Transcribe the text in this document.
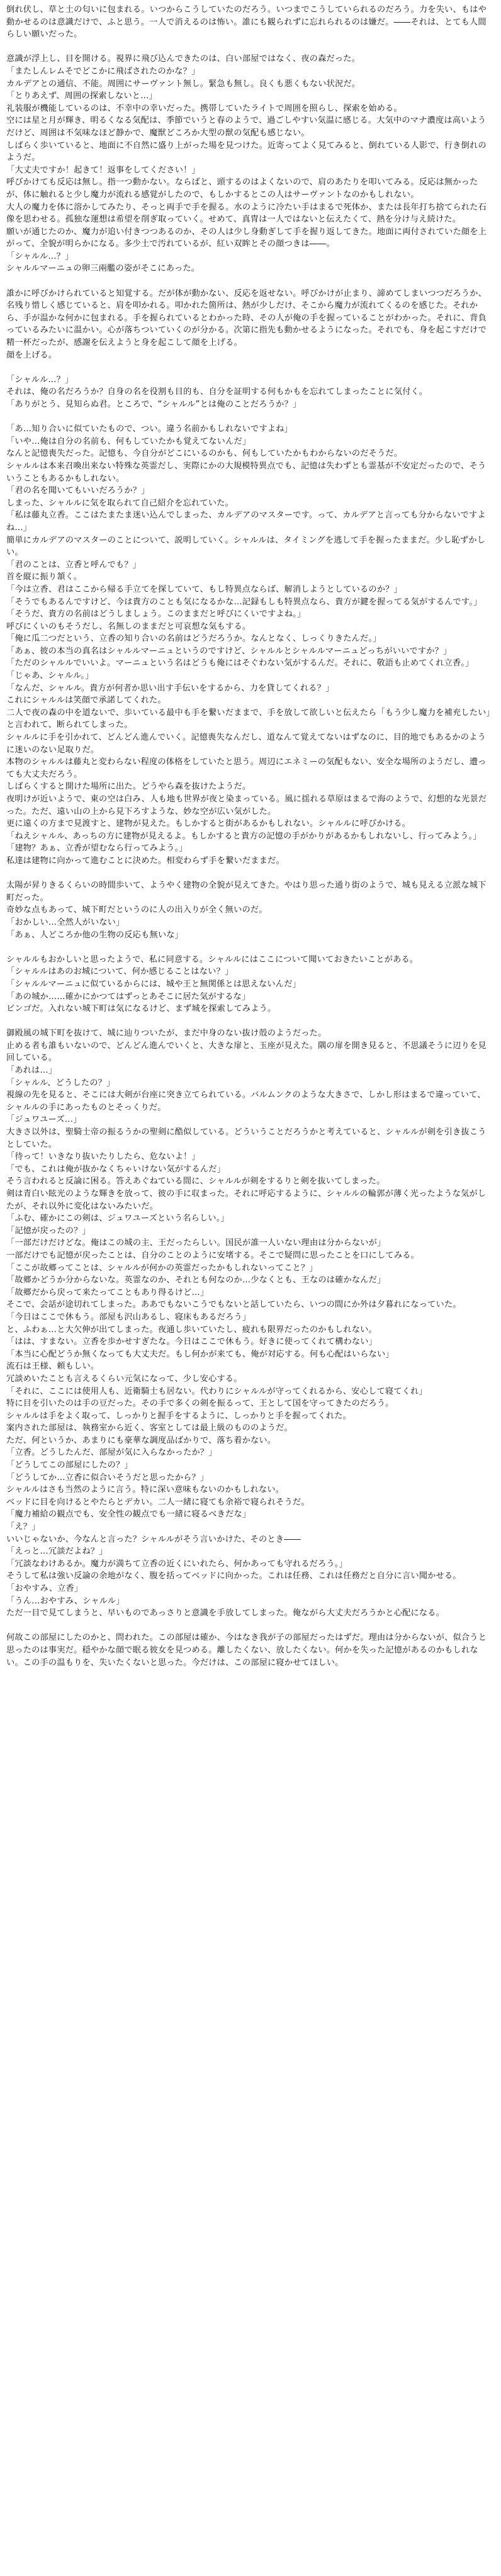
倒れ伏し、草と土の匂いに包まれる。いつからこうしていたのだろう。いつまでこうしていられるのだろう。力を失い、もはや動かせるのは意識だけで、ふと思う。一人で消えるのは怖い。誰にも観られずに忘れられるのは嫌だ。――それは、とても人間らしい願いだった。

意識が浮上し、目を開ける。視界に飛び込んできたのは、白い部屋ではなく、夜の森だった。
「またしんレムそでどこかに飛ばされたのかな？」
カルデアとの通信、不能。周囲にサーヴァント無し。緊急も無し。良くも悪くもない状況だ。
「とりあえず、周囲の探索しないと…」
礼装服が機能しているのは、不幸中の幸いだった。携帯していたライトで周囲を照らし、探索を始める。
空には星と月が輝き、明るくなる気配は、季節でいうと春のようで、過ごしやすい気温に感じる。大気中のマナ濃度は高いようだけど、周囲は不気味なほど静かで、魔獣どころか大型の獣の気配も感じない。
しばらく歩いていると、地面に不自然に盛り上がった場を見つけた。近寄ってよく見てみると、倒れている人影で、行き倒れのようだ。
「大丈夫ですか！起きて！返事をしてください！」
呼びかけても反応は無し。指一つ動かない。ならばと、頭するのはよくないので、肩のあたりを叩いてみる。反応は無かったが、体に触れると少し魔力が流れる感覚がしたので、もしかするとこの人はサーヴァントなのかもしれない。
大人の魔力を体に溶かしてみたり、そっと両手で手を握る。水のように冷たい手はまるで死体か、または長年打ち捨てられた石像を思わせる。孤独な運想は希望を削ぎ取っていく。せめて、真冑は一人ではないと伝えたくて、熱を分け与え続けた。
願いが通じたのか、魔力が追い付きつつあるのか、その人は少し身動ぎして手を握り返してきた。地面に両付されていた顔を上がって、全貌が明らかになる。多少土で汚れているが、紅い双眸とその顔つきは――。
「シャルル…？」
シャルルマーニュの卵三兩艦の姿がそこにあった。

誰かに呼びかけられていると知覚する。だが体が動かない、反応を返せない。呼びかけが止まり、諦めてしまいつつだろうか、名残り惜しく感じていると、肩を叩かれる。叩かれた箇所は、熱が少しだけ、そこから魔力が流れてくるのを感じた。それから、手が温かな何かに包まれる。手を握られているとわかった時、その人が俺の手を握っていることがわかった。それに、背負っているみたいに温かい。心が落ちついていくのが分かる。次第に指先も動かせるようになった。それでも、身を起こすだけで精一杯だったが、感謝を伝えようと身を起こして顔を上げる。
顔を上げる。

「シャルル…？」
それは、俺の名だろうか？自身の名を役割も目的も、自分を証明する何もかもを忘れてしまったことに気付く。
「ありがとう、見知らぬ君。ところで、“シャルル”とは俺のことだろうか？」

「あ…知り合いに似ていたもので、つい。違う名前かもしれないですよね」
「いや…俺は自分の名前も、何もしていたかも覚えてないんだ」
なんと記憶喪失だった。記憶も、今自分がどこにいるのかも、何もしていたかもわからないのだそうだ。
シャルルは本来召喚出来ない特殊な英霊だし、実際にかの大規模特異点でも、記憶は失わずとも霊基が不安定だったので、そういうこともあるかもしれない。
「君の名を聞いてもいいだろうか？」
しまった、シャルルに気を取られて自己紹介を忘れていた。
「私は藤丸立香。ここはたまたま迷い込んでしまった、カルデアのマスターです。って、カルデアと言っても分からないですよね…」
簡単にカルデアのマスターのことについて、説明していく。シャルルは、タイミングを逃して手を握ったままだ。少し恥ずかしい。
「君のことは、立香と呼んでも？」
首を縦に振り頷く。
「今は立香、君はここから帰る手立てを探していて、もし特異点ならば、解消しようとしているのか？」
「そうでもあるんですけど、今は貴方のことも気になるかな…記録もしも特異点なら、貴方が鍵を握ってる気がするんです。」
「そうだ、貴方の名前はどうしましょう。このままだと呼びにくいですよね。」
呼びにくいのもそうだし、名無しのままだと可哀想な気もする。
「俺に瓜二つだという、立香の知り合いの名前はどうだろうか。なんとなく、しっくりきたんだ。」
「あぁ、彼の本当の真名はシャルルマーニュというのですけど、シャルルとシャルルマーニュどっちがいいですか？」
「ただのシャルルでいいよ。マーニュという名はどうも俺にはそぐわない気がするんだ。それに、敬語も止めてくれ立香。」
「じゃあ、シャルル。」
「なんだ、シャルル。貴方が何者か思い出す手伝いをするから、力を貸してくれる？」
これにシャルルは笑顔で承諾してくれた。
二人で夜の森の中を道ないで、歩いている最中も手を繋いだままで、手を放して欲しいと伝えたら「もう少し魔力を補充したい」と言われて、断られてしまった。
シャルルに手を引かれて、どんどん進んでいく。記憶喪失なんだし、道なんて覚えてないはずなのに、目的地でもあるかのように迷いのない足取りだ。
本物のシャルルは藤丸と変わらない程度の体格をしていたと思う。周辺にエネミーの気配もない、安全な場所のようだし、遭っても大丈夫だろう。
しばらくすると開けた場所に出た。どうやら森を抜けたようだ。
夜明けが近いようで、東の空は白み、人も地も世界が夜と染まっている。風に揺れる草原はまるで海のようで、幻想的な光景だった。ただ、遠い山の上から見下ろすような、妙な空が広い気がした。
更に遠くの方まで見渡すと、建物が見えた。もしかすると街があるかもしれない。シャルルに呼びかける。
「ねえシャルル、あっちの方に建物が見えるよ。もしかすると貴方の記憶の手がかりがあるかもしれないし、行ってみよう。」
「建物？あぁ、立香が望むなら行ってみよう。」
私達は建物に向かって進むことに決めた。相変わらず手を繋いだままだ。

太陽が昇りきるくらいの時間歩いて、ようやく建物の全貌が見えてきた。やはり思った通り街のようで、城も見える立派な城下町だった。
奇妙な点もあって、城下町だというのに人の出入りが全く無いのだ。
「おかしい…全然人がいない」
「あぁ、人どころか他の生物の反応も無いな」

シャルルもおかしいと思ったようで、私に同意する。シャルルにはここについて聞いておきたいことがある。
「シャルルはあのお城について、何か感じることはない？」
「シャルルマーニュに似ているからには、城や王と無関係とは思えないんだ」
「あの城か……確かにかつてはずっとあそこに居た気がするな」
ビンゴだ。入れない城下町は気になるけど、まず城を探索してみよう。

御殿風の城下町を抜けて、城に辿りついたが、まだ中身のない抜け殻のようだった。
止める者も誰もいないので、どんどん進んでいくと、大きな扉と、玉座が見えた。隅の扉を開き見ると、不思議そうに辺りを見回している。
「あれは…」
「シャルル、どうしたの？」
視線の先を見ると、そこには大剣が台座に突き立てられている。バルムンクのような大きさで、しかし形はまるで違っていて、シャルルの手にあったものとそっくりだ。
「ジュワユーズ…」
大きさ以外は、聖騎士帝の振るうかの聖剣に酷似している。どういうことだろうかと考えていると、シャルルが剣を引き抜こうとしていた。
「待って！いきなり抜いたりしたら、危ないよ！」
「でも、これは俺が抜かなくちゃいけない気がするんだ」
そう言われると反論に困る。答えあぐねている間に、シャルルが剣をするりと剣を抜いてしまった。
剣は青白い眩光のような輝きを放って、彼の手に収まった。それに呼応するように、シャルルの輪郭が薄く光ったような気がしたが、それ以外に変化はないみたいだ。
「ふむ、確かにこの剣は、ジュワユーズという名らしい。」
「記憶が戻ったの？」
「一部だけだけどな。俺はこの城の主、王だったらしい。国民が誰一人いない理由は分からないが」
一部だけでも記憶が戻ったことは、自分のことのように安堵する。そこで疑問に思ったことを口にしてみる。
「ここが故郷ってことは、シャルルが何かの英霊だったかもしれないってこと？」
「故郷かどうか分からないな。英霊なのか、それとも何なのか…少なくとも、王なのは確かなんだ」
「故郷だから戻って来たってこともあり得るけど…」
そこで、会話が途切れてしまった。ああでもないこうでもないと話していたら、いつの間にか外は夕暮れになっていた。
「今日はここで休もう。部屋も沢山あるし、寝床もあるだろう」
と、ふわぁ…と大欠伸が出てしまった。夜通し歩いていたし、疲れも限界だったのかもしれない。
「はは、すまない。立香を歩かせすぎたな。今日はここで休もう。好きに使ってくれて構わない」
「本当に心配どうか無くなっても大丈夫だ。もし何かが来ても、俺が対応する。何も心配はいらない」
流石は王様、頼もしい。
冗談めいたことも言えるくらい元気になって、少し安心する。
「それに、ここには使用人も、近衛騎士も居ない。代わりにシャルルが守ってくれるから、安心して寝てくれ」
特に目を引いたのは手の豆だった。その手で多くの剣を振るって、王として国を守ってきたのだろう。
シャルルは手をよく取って、しっかりと握手をするように、しっかりと手を握ってくれた。
案内された部屋は、執務室から近く、客室としては最上級のもののようだ。
ただ、何というか、あまりにも豪華な調度品ばかりで、落ち着かない。
「立香。どうしたんだ、部屋が気に入らなかったか？」
「どうしてこの部屋にしたの？」
「どうしてか…立香に似合いそうだと思ったから？」
シャルルはさも当然のように言う。特に深い意味もないのかもしれない。
ベッドに目を向けるとやたらとデカい。二人一緒に寝ても余裕で寝られそうだ。
「魔力補給の観点でも、安全性の観点でも一緒に寝るべきだな」
「え？」
いいじゃないか、今なんと言った？シャルルがそう言いかけた、そのとき――
「えっと…冗談だよね？」
「冗談なわけあるか。魔力が満ちて立香の近くにいれたら、何かあっても守れるだろう。」
そうして私は強い反論の余地がなく、腹を括ってベッドに向かった。これは任務、これは任務だと自分に言い聞かせる。
「おやすみ、立香」
「うん…おやすみ、シャルル」
ただ一目で見てしまうと、早いものであっさりと意識を手放してしまった。俺ながら大丈夫だろうかと心配になる。

何故この部屋にしたのかと、問われた。この部屋は確か、今はなき我が子の部屋だったはずだ。理由は分からないが、似合うと思ったのは事実だ。穏やかな顔で眠る彼女を見つめる。離したくない、放したくない。何かを失った記憶があるのかもしれない。この手の温もりを、失いたくないと思った。今だけは、この部屋に寝かせてほしい。
